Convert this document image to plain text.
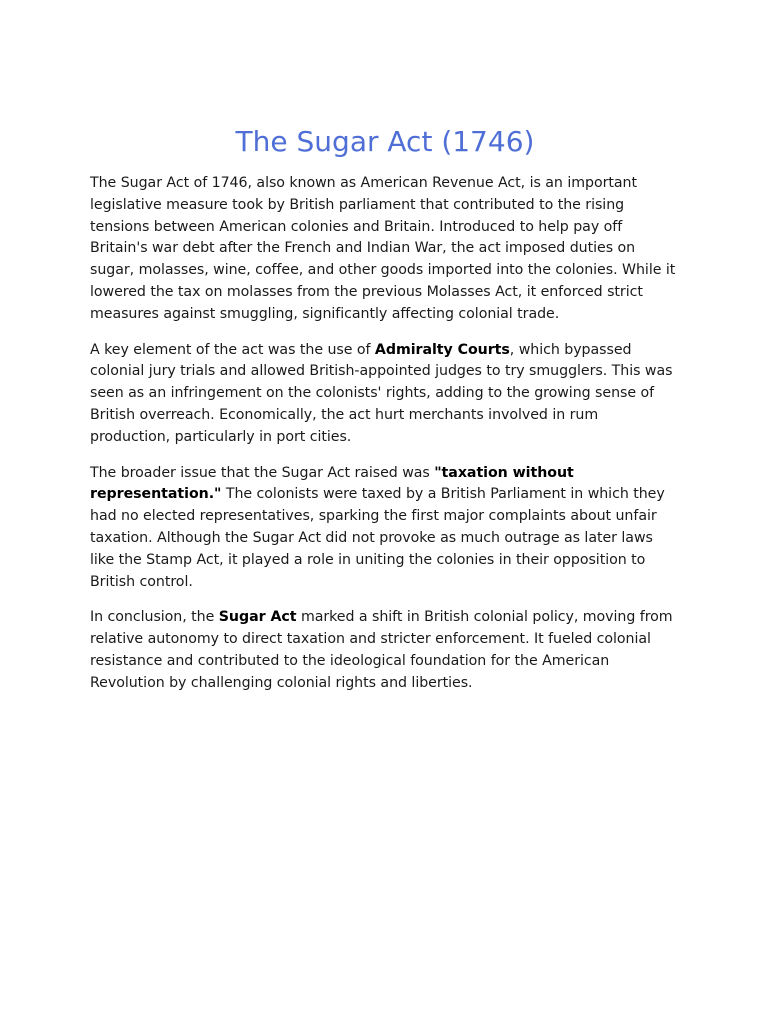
The Sugar Act (1746)

The Sugar Act of 1746, also known as American Revenue Act, is an important legislative measure took by British parliament that contributed to the rising tensions between American colonies and Britain. Introduced to help pay off Britain's war debt after the French and Indian War, the act imposed duties on sugar, molasses, wine, coffee, and other goods imported into the colonies. While it lowered the tax on molasses from the previous Molasses Act, it enforced strict measures against smuggling, significantly affecting colonial trade.

A key element of the act was the use of Admiralty Courts, which bypassed colonial jury trials and allowed British-appointed judges to try smugglers. This was seen as an infringement on the colonists' rights, adding to the growing sense of British overreach. Economically, the act hurt merchants involved in rum production, particularly in port cities.

The broader issue that the Sugar Act raised was "taxation without representation." The colonists were taxed by a British Parliament in which they had no elected representatives, sparking the first major complaints about unfair taxation. Although the Sugar Act did not provoke as much outrage as later laws like the Stamp Act, it played a role in uniting the colonies in their opposition to British control.

In conclusion, the Sugar Act marked a shift in British colonial policy, moving from relative autonomy to direct taxation and stricter enforcement. It fueled colonial resistance and contributed to the ideological foundation for the American Revolution by challenging colonial rights and liberties.
